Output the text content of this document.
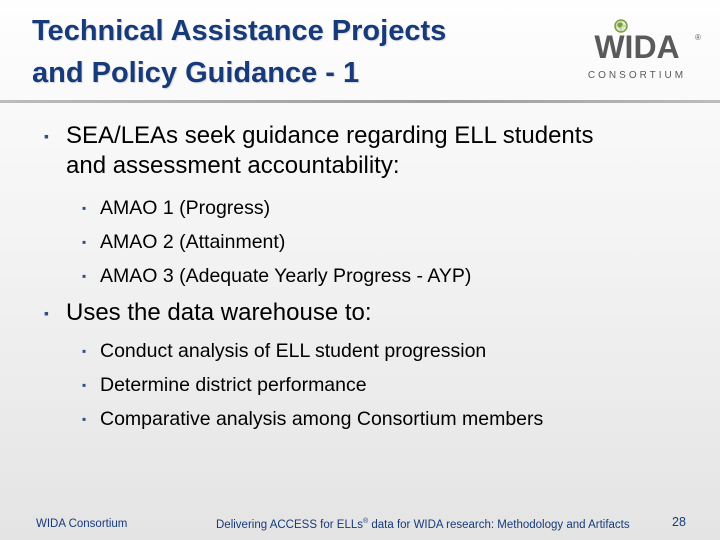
Technical Assistance Projects
and Policy Guidance - 1
WIDA ®
CONSORTIUM
▪ SEA/LEAs seek guidance regarding ELL students
and assessment accountability:
▪ AMAO 1 (Progress)
▪ AMAO 2 (Attainment)
▪ AMAO 3 (Adequate Yearly Progress - AYP)
▪ Uses the data warehouse to:
▪ Conduct analysis of ELL student progression
▪ Determine district performance
▪ Comparative analysis among Consortium members
WIDA Consortium	Delivering ACCESS for ELLs® data for WIDA research: Methodology and Artifacts	28
